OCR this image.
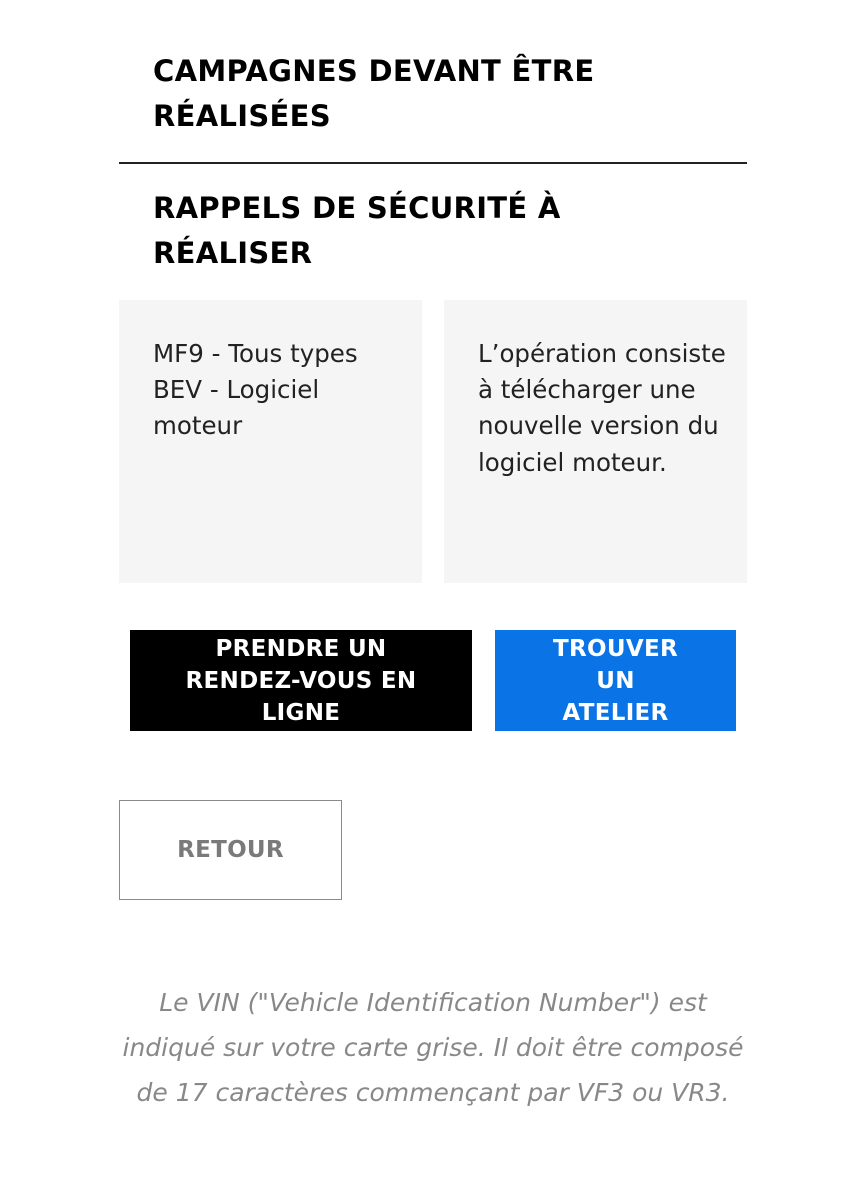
CAMPAGNES DEVANT ÊTRE RÉALISÉES
RAPPELS DE SÉCURITÉ À RÉALISER
MF9 - Tous types BEV - Logiciel moteur
L’opération consiste à télécharger une nouvelle version du logiciel moteur.
PRENDRE UN RENDEZ-VOUS EN LIGNE
TROUVER UN ATELIER
RETOUR

Le VIN ("Vehicle Identification Number") est indiqué sur votre carte grise. Il doit être composé de 17 caractères commençant par VF3 ou VR3.
